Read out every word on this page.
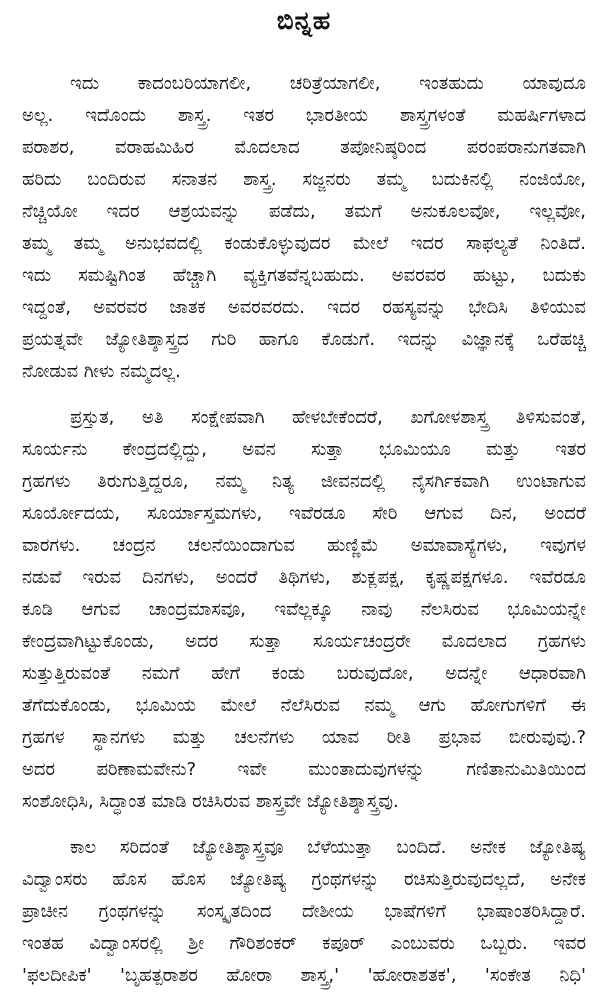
ಬಿನ್ನಹ
ಇದು ಕಾದಂಬರಿಯಾಗಲೀ, ಚರಿತ್ರೆಯಾಗಲೀ, ಇಂತಹುದು ಯಾವುದೂ
ಅಲ್ಲ. ಇದೊಂದು ಶಾಸ್ತ್ರ. ಇತರ ಭಾರತೀಯ ಶಾಸ್ತ್ರಗಳಂತೆ ಮಹರ್ಷಿಗಳಾದ
ಪರಾಶರ, ವರಾಹಮಿಹಿರ ಮೊದಲಾದ ತಪೋನಿಷ್ಠರಿಂದ ಪರಂಪರಾನುಗತವಾಗಿ
ಹರಿದು ಬಂದಿರುವ ಸನಾತನ ಶಾಸ್ತ್ರ. ಸಜ್ಜನರು ತಮ್ಮ ಬದುಕಿನಲ್ಲಿ ನಂಜಿಯೋ,
ನೆಚ್ಚಿಯೋ ಇದರ ಆಶ್ರಯವನ್ನು ಪಡೆದು, ತಮಗೆ ಅನುಕೂಲವೋ, ಇಲ್ಲವೋ,
ತಮ್ಮ ತಮ್ಮ ಅನುಭವದಲ್ಲಿ ಕಂಡುಕೊಳ್ಳುವುದರ ಮೇಲೆ ಇದರ ಸಾಫಲ್ಯತೆ ನಿಂತಿದೆ.
ಇದು ಸಮಷ್ಟಿಗಿಂತ ಹೆಚ್ಚಾಗಿ ವ್ಯಕ್ತಿಗತವೆನ್ನಬಹುದು. ಅವರವರ ಹುಟ್ಟು, ಬದುಕು
ಇದ್ದಂತೆ, ಅವರವರ ಜಾತಕ ಅವರವರದು. ಇದರ ರಹಸ್ಯವನ್ನು ಭೇದಿಸಿ ತಿಳಿಯುವ
ಪ್ರಯತ್ನವೇ ಜ್ಯೋತಿಶ್ಶಾಸ್ತ್ರದ ಗುರಿ ಹಾಗೂ ಕೊಡುಗೆ. ಇದನ್ನು ವಿಜ್ಞಾನಕ್ಕೆ ಒರೆಹಚ್ಚಿ
ನೋಡುವ ಗೀಳು ನಮ್ಮದಲ್ಲ.
ಪ್ರಸ್ತುತ, ಅತಿ ಸಂಕ್ಷೇಪವಾಗಿ ಹೇಳಬೇಕೆಂದರೆ, ಖಗೋಳಶಾಸ್ತ್ರ ತಿಳಿಸುವಂತೆ,
ಸೂರ್ಯನು ಕೇಂದ್ರದಲ್ಲಿದ್ದು, ಅವನ ಸುತ್ತಾ ಭೂಮಿಯೂ ಮತ್ತು ಇತರ
ಗ್ರಹಗಳು ತಿರುಗುತ್ತಿದ್ದರೂ, ನಮ್ಮ ನಿತ್ಯ ಜೀವನದಲ್ಲಿ ನೈಸರ್ಗಿಕವಾಗಿ ಉಂಟಾಗುವ
ಸೂರ್ಯೋದಯ, ಸೂರ್ಯಾಸ್ತಮಗಳು, ಇವೆರಡೂ ಸೇರಿ ಆಗುವ ದಿನ, ಅಂದರೆ
ವಾರಗಳು. ಚಂದ್ರನ ಚಲನೆಯಿಂದಾಗುವ ಹುಣ್ಣಿಮೆ ಅಮಾವಾಸ್ಯೆಗಳು, ಇವುಗಳ
ನಡುವೆ ಇರುವ ದಿನಗಳು, ಅಂದರೆ ತಿಥಿಗಳು, ಶುಕ್ಲಪಕ್ಷ, ಕೃಷ್ಣಪಕ್ಷಗಳೂ. ಇವೆರಡೂ
ಕೂಡಿ ಆಗುವ ಚಾಂದ್ರಮಾಸವೂ, ಇವೆಲ್ಲಕ್ಕೂ ನಾವು ನೆಲಸಿರುವ ಭೂಮಿಯನ್ನೇ
ಕೇಂದ್ರವಾಗಿಟ್ಟುಕೊಂಡು, ಅದರ ಸುತ್ತಾ ಸೂರ್ಯಚಂದ್ರರೇ ಮೊದಲಾದ ಗ್ರಹಗಳು
ಸುತ್ತುತ್ತಿರುವಂತೆ ನಮಗೆ ಹೇಗೆ ಕಂಡು ಬರುವುದೋ, ಅದನ್ನೇ ಆಧಾರವಾಗಿ
ತೆಗೆದುಕೊಂಡು, ಭೂಮಿಯ ಮೇಲೆ ನೆಲೆಸಿರುವ ನಮ್ಮ ಆಗು ಹೋಗುಗಳಿಗೆ ಈ
ಗ್ರಹಗಳ ಸ್ಥಾನಗಳು ಮತ್ತು ಚಲನೆಗಳು ಯಾವ ರೀತಿ ಪ್ರಭಾವ ಬೀರುವುವು.?
ಅದರ ಪರಿಣಾಮವೇನು? ಇವೇ ಮುಂತಾದುವುಗಳನ್ನು ಗಣಿತಾನುಮಿತಿಯಿಂದ
ಸಂಶೋಧಿಸಿ, ಸಿದ್ಧಾಂತ ಮಾಡಿ ರಚಿಸಿರುವ ಶಾಸ್ತ್ರವೇ ಜ್ಯೋತಿಶ್ಶಾಸ್ತ್ರವು.
ಕಾಲ ಸರಿದಂತೆ ಜ್ಯೋತಿಶ್ಶಾಸ್ತ್ರವೂ ಬೆಳೆಯುತ್ತಾ ಬಂದಿದೆ. ಅನೇಕ ಜ್ಯೋತಿಷ್ಯ
ವಿದ್ವಾಂಸರು ಹೊಸ ಹೊಸ ಜ್ಯೋತಿಷ್ಯ ಗ್ರಂಥಗಳನ್ನು ರಚಿಸುತ್ತಿರುವುದಲ್ಲದೆ, ಅನೇಕ
ಪ್ರಾಚೀನ ಗ್ರಂಥಗಳನ್ನು ಸಂಸ್ಕೃತದಿಂದ ದೇಶೀಯ ಭಾಷೆಗಳಿಗೆ ಭಾಷಾಂತರಿಸಿದ್ದಾರೆ.
ಇಂತಹ ವಿದ್ವಾಂಸರಲ್ಲಿ ಶ್ರೀ ಗೌರಿಶಂಕರ್ ಕಪೂರ್ ಎಂಬುವರು ಒಬ್ಬರು. ಇವರ
'ಫಲದೀಪಿಕ' 'ಬೃಹತ್ಪರಾಶರ ಹೋರಾ ಶಾಸ್ತ್ರ,' 'ಹೋರಾಶತಕ', 'ಸಂಕೇತ ನಿಧಿ'
